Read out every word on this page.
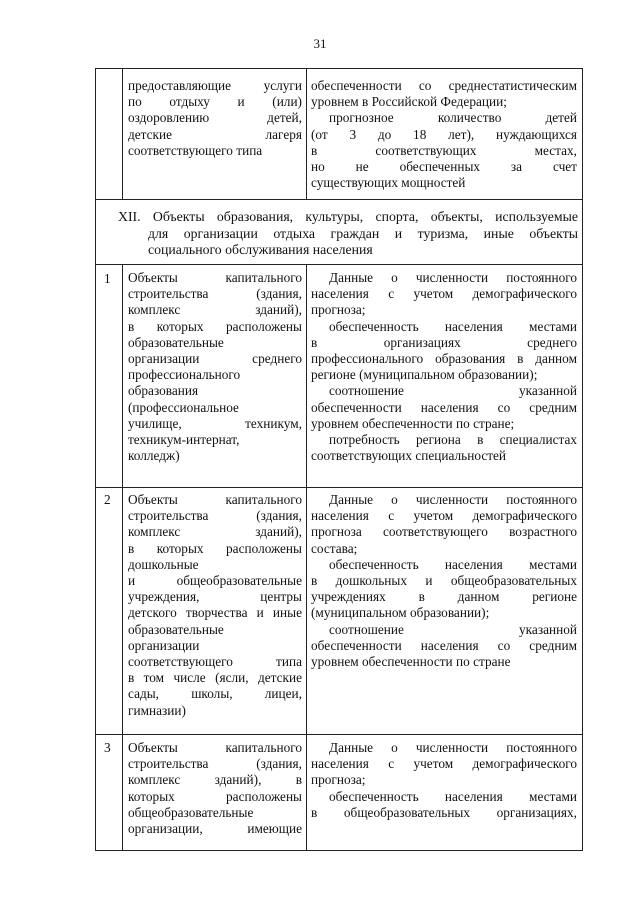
31
предоставляющие услуги
по отдыху и (или)
оздоровлению детей,
детские лагеря
соответствующего типа
обеспеченности со среднестатистическим
уровнем в Российской Федерации;
прогнозное количество детей
(от 3 до 18 лет), нуждающихся
в соответствующих местах,
но не обеспеченных за счет
существующих мощностей
XII. Объекты образования, культуры, спорта, объекты, используемые
для организации отдыха граждан и туризма, иные объекты
социального обслуживания населения
1 Объекты капитального
строительства (здания,
комплекс зданий),
в которых расположены
образовательные
организации среднего
профессионального
образования
(профессиональное
училище, техникум,
техникум-интернат,
колледж)
Данные о численности постоянного
населения с учетом демографического
прогноза;
обеспеченность населения местами
в организациях среднего
профессионального образования в данном
регионе (муниципальном образовании);
соотношение указанной
обеспеченности населения со средним
уровнем обеспеченности по стране;
потребность региона в специалистах
соответствующих специальностей
2 Объекты капитального
строительства (здания,
комплекс зданий),
в которых расположены
дошкольные
и общеобразовательные
учреждения, центры
детского творчества и иные
образовательные
организации
соответствующего типа
в том числе (ясли, детские
сады, школы, лицеи,
гимназии)
Данные о численности постоянного
населения с учетом демографического
прогноза соответствующего возрастного
состава;
обеспеченность населения местами
в дошкольных и общеобразовательных
учреждениях в данном регионе
(муниципальном образовании);
соотношение указанной
обеспеченности населения со средним
уровнем обеспеченности по стране
3 Объекты капитального
строительства (здания,
комплекс зданий), в
которых расположены
общеобразовательные
организации, имеющие
Данные о численности постоянного
населения с учетом демографического
прогноза;
обеспеченность населения местами
в общеобразовательных организациях,
